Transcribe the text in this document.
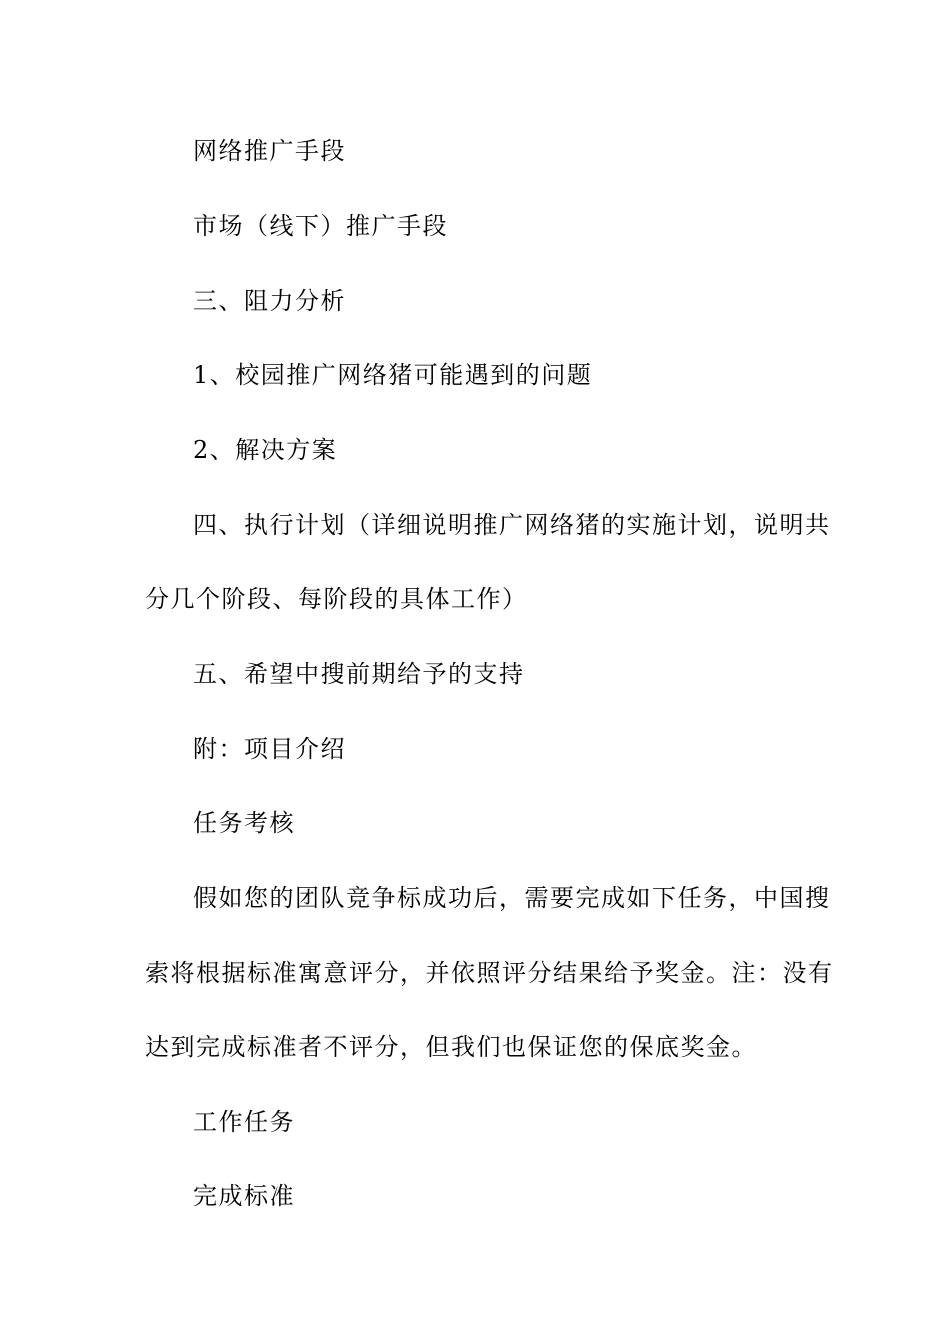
网络推广手段
市场（线下）推广手段
三、阻力分析
1、校园推广网络猪可能遇到的问题
2、解决方案
四、执行计划（详细说明推广网络猪的实施计划，说明共
分几个阶段、每阶段的具体工作）
五、希望中搜前期给予的支持
附：项目介绍
任务考核
假如您的团队竞争标成功后，需要完成如下任务，中国搜
索将根据标准寓意评分，并依照评分结果给予奖金。注：没有
达到完成标准者不评分，但我们也保证您的保底奖金。
工作任务
完成标准
